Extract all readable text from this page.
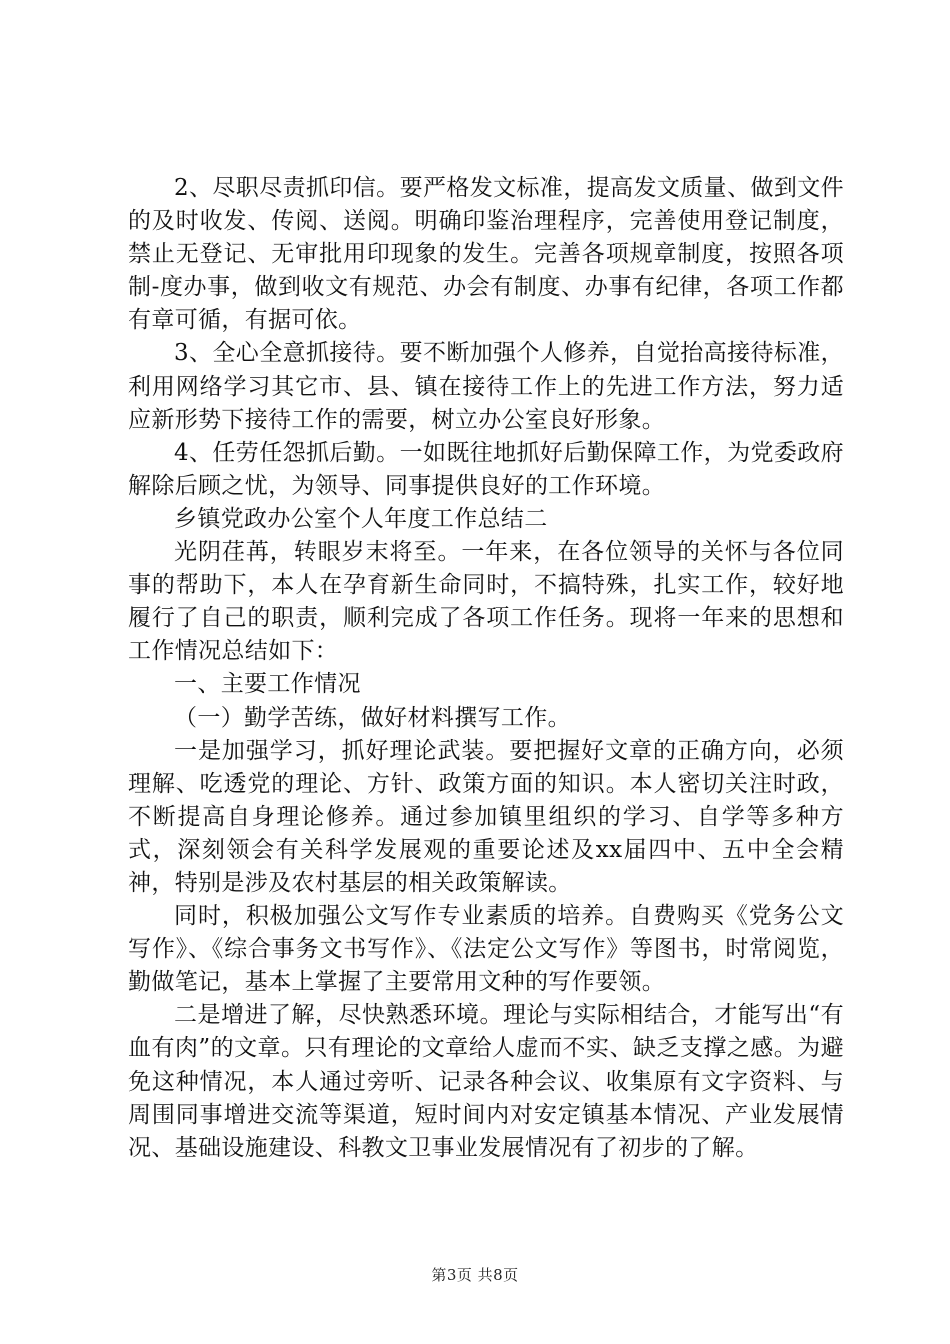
2、尽职尽责抓印信。要严格发文标准，提高发文质量、做到文件的及时收发、传阅、送阅。明确印鉴治理程序，完善使用登记制度，禁止无登记、无审批用印现象的发生。完善各项规章制度，按照各项制-度办事，做到收文有规范、办会有制度、办事有纪律，各项工作都有章可循，有据可依。

3、全心全意抓接待。要不断加强个人修养，自觉抬高接待标准，利用网络学习其它市、县、镇在接待工作上的先进工作方法，努力适应新形势下接待工作的需要，树立办公室良好形象。

4、任劳任怨抓后勤。一如既往地抓好后勤保障工作，为党委政府解除后顾之忧，为领导、同事提供良好的工作环境。

乡镇党政办公室个人年度工作总结二

光阴荏苒，转眼岁末将至。一年来，在各位领导的关怀与各位同事的帮助下，本人在孕育新生命同时，不搞特殊，扎实工作，较好地履行了自己的职责，顺利完成了各项工作任务。现将一年来的思想和工作情况总结如下：

一、主要工作情况

（一）勤学苦练，做好材料撰写工作。

一是加强学习，抓好理论武装。要把握好文章的正确方向，必须理解、吃透党的理论、方针、政策方面的知识。本人密切关注时政，不断提高自身理论修养。通过参加镇里组织的学习、自学等多种方式，深刻领会有关科学发展观的重要论述及xx届四中、五中全会精神，特别是涉及农村基层的相关政策解读。

同时，积极加强公文写作专业素质的培养。自费购买《党务公文写作》、《综合事务文书写作》、《法定公文写作》等图书，时常阅览，勤做笔记，基本上掌握了主要常用文种的写作要领。

二是增进了解，尽快熟悉环境。理论与实际相结合，才能写出“有血有肉”的文章。只有理论的文章给人虚而不实、缺乏支撑之感。为避免这种情况，本人通过旁听、记录各种会议、收集原有文字资料、与周围同事增进交流等渠道，短时间内对安定镇基本情况、产业发展情况、基础设施建设、科教文卫事业发展情况有了初步的了解。

第3页 共8页
